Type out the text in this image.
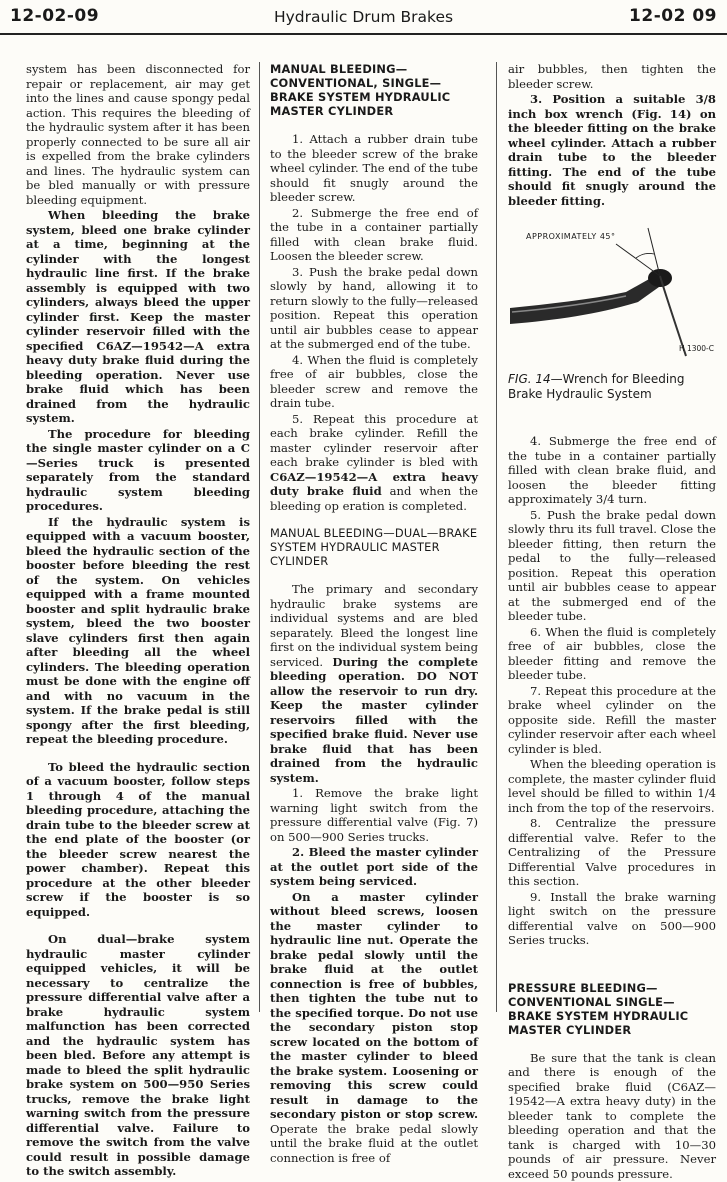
12-02-09	Hydraulic Drum Brakes	12-02 09

system has been disconnected for repair or replacement, air may get into the lines and cause spongy pedal action. This requires the bleeding of the hydraulic system after it has been properly connected to be sure all air is expelled from the brake cylinders and lines. The hydraulic system can be bled manually or with pressure bleeding equipment.

When bleeding the brake system, bleed one brake cylinder at a time, beginning at the cylinder with the longest hydraulic line first. If the brake assembly is equipped with two cylinders, always bleed the upper cylinder first. Keep the master cylinder reservoir filled with the specified C6AZ—19542—A extra heavy duty brake fluid during the bleeding operation. Never use brake fluid which has been drained from the hydraulic system.

The procedure for bleeding the single master cylinder on a C—Series truck is presented separately from the standard hydraulic system bleeding procedures.

If the hydraulic system is equipped with a vacuum booster, bleed the hydraulic section of the booster before bleeding the rest of the system. On vehicles equipped with a frame mounted booster and split hydraulic brake system, bleed the two booster slave cylinders first then again after bleeding all the wheel cylinders. The bleeding operation must be done with the engine off and with no vacuum in the system. If the brake pedal is still spongy after the first bleeding, repeat the bleeding procedure.

To bleed the hydraulic section of a vacuum booster, follow steps 1 through 4 of the manual bleeding procedure, attaching the drain tube to the bleeder screw at the end plate of the booster (or the bleeder screw nearest the power chamber). Repeat this procedure at the other bleeder screw if the booster is so equipped.

On dual—brake system hydraulic master cylinder equipped vehicles, it will be necessary to centralize the pressure differential valve after a brake hydraulic system malfunction has been corrected and the hydraulic system has been bled. Before any attempt is made to bleed the split hydraulic brake system on 500—950 Series trucks, remove the brake light warning switch from the pressure differential valve. Failure to remove the switch from the valve could result in possible damage to the switch assembly.

MANUAL BLEEDING—CONVENTIONAL, SINGLE—BRAKE SYSTEM HYDRAULIC MASTER CYLINDER

1. Attach a rubber drain tube to the bleeder screw of the brake wheel cylinder. The end of the tube should fit snugly around the bleeder screw.

2. Submerge the free end of the tube in a container partially filled with clean brake fluid. Loosen the bleeder screw.

3. Push the brake pedal down slowly by hand, allowing it to return slowly to the fully—released position. Repeat this operation until air bubbles cease to appear at the submerged end of the tube.

4. When the fluid is completely free of air bubbles, close the bleeder screw and remove the drain tube.

5. Repeat this procedure at each brake cylinder. Refill the master cylinder reservoir after each brake cylinder is bled with C6AZ—19542—A extra heavy duty brake fluid and when the bleeding op eration is completed.

MANUAL BLEEDING—DUAL—BRAKE SYSTEM HYDRAULIC MASTER CYLINDER

The primary and secondary hydraulic brake systems are individual systems and are bled separately. Bleed the longest line first on the individual system being serviced. During the complete bleeding operation. DO NOT allow the reservoir to run dry. Keep the master cylinder reservoirs filled with the specified brake fluid. Never use brake fluid that has been drained from the hydraulic system.

1. Remove the brake light warning light switch from the pressure differential valve (Fig. 7) on 500—900 Series trucks.

2. Bleed the master cylinder at the outlet port side of the system being serviced.

On a master cylinder without bleed screws, loosen the master cylinder to hydraulic line nut. Operate the brake pedal slowly until the brake fluid at the outlet connection is free of bubbles, then tighten the tube nut to the specified torque. Do not use the secondary piston stop screw located on the bottom of the master cylinder to bleed the brake system. Loosening or removing this screw could result in damage to the secondary piston or stop screw. Operate the brake pedal slowly until the brake fluid at the outlet connection is free of

air bubbles, then tighten the bleeder screw.

3. Position a suitable 3/8 inch box wrench (Fig. 14) on the bleeder fitting on the brake wheel cylinder. Attach a rubber drain tube to the bleeder fitting. The end of the tube should fit snugly around the bleeder fitting.

APPROXIMATELY 45°
H 1300-C

FIG. 14—Wrench for Bleeding Brake Hydraulic System

4. Submerge the free end of the tube in a container partially filled with clean brake fluid, and loosen the bleeder fitting approximately 3/4 turn.

5. Push the brake pedal down slowly thru its full travel. Close the bleeder fitting, then return the pedal to the fully—released position. Repeat this operation until air bubbles cease to appear at the submerged end of the bleeder tube.

6. When the fluid is completely free of air bubbles, close the bleeder fitting and remove the bleeder tube.

7. Repeat this procedure at the brake wheel cylinder on the opposite side. Refill the master cylinder reservoir after each wheel cylinder is bled.

When the bleeding operation is complete, the master cylinder fluid level should be filled to within 1/4 inch from the top of the reservoirs.

8. Centralize the pressure differential valve. Refer to the Centralizing of the Pressure Differential Valve procedures in this section.

9. Install the brake warning light switch on the pressure differential valve on 500—900 Series trucks.

PRESSURE BLEEDING—CONVENTIONAL SINGLE—BRAKE SYSTEM HYDRAULIC MASTER CYLINDER

Be sure that the tank is clean and there is enough of the specified brake fluid (C6AZ—19542—A extra heavy duty) in the bleeder tank to complete the bleeding operation and that the tank is charged with 10—30 pounds of air pressure. Never exceed 50 pounds pressure.
